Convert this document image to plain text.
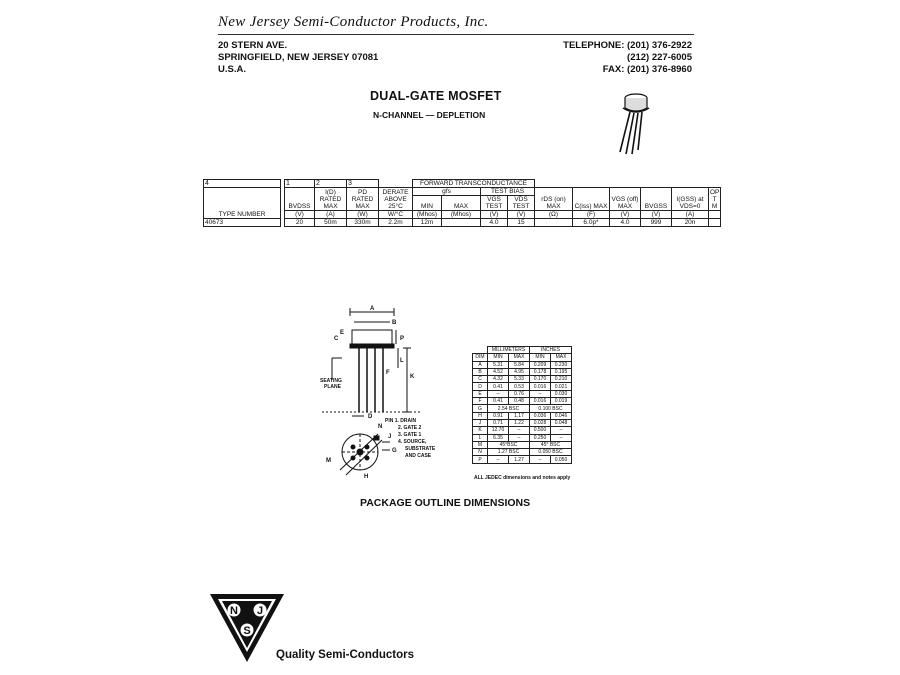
New Jersey Semi-Conductor Products, Inc.
20 STERN AVE.
SPRINGFIELD, NEW JERSEY 07081
U.S.A.
TELEPHONE: (201) 376-2922
(212) 227-6005
FAX: (201) 376-8960
DUAL-GATE MOSFET
N-CHANNEL — DEPLETION
4		1	2	3		FORWARD TRANSCONDUCTANCE									
TYPE NUMBER		BVDSS	I(D) RATED MAX	PD RATED MAX	DERATE ABOVE 25°C	gfs		TEST BIAS		rDS (on) MAX	C(iss) MAX	VGS (off) MAX	BVGSS	I(GSS) at VDS=0	OP T M
						MIN	MAX	VGS TEST	VDS TEST						
		(V)	(A)	(W)	W/°C	(Mhos)	(Mhos)	(V)	(V)	(Ω)	(F)	(V)	(V)	(A)	
40673		20	50m	330m	2.2m	12m		4.0	15		6.0p*	4.0	999	20n	
A
B
C
E
P
L
F
K
D
N
G
J
H
M
SEATING
PLANE
PIN 1. DRAIN
2. GATE 2
3. GATE 1
4. SOURCE,
SUBSTRATE
AND CASE
	MILLIMETERS		INCHES	
DIM	MIN	MAX	MIN	MAX
A	5.31	5.84	0.209	0.230
B	4.52	4.95	0.178	0.195
C	4.32	5.33	0.170	0.210
D	0.41	0.53	0.016	0.021
E	–	0.76	–	0.030
F	0.41	0.48	0.016	0.019
G	2.54 BSC		0.100 BSC	
H	0.91	1.17	0.036	0.046
J	0.71	1.22	0.028	0.048
K	12.70	–	0.500	–
L	6.35	–	0.250	–
M	45°BSC		45° BSC	
N	1.27 BSC		0.050 BSC	
P	–	1.27	–	0.050
ALL JEDEC dimensions and notes apply
PACKAGE OUTLINE DIMENSIONS
N J
S
Quality Semi-Conductors
